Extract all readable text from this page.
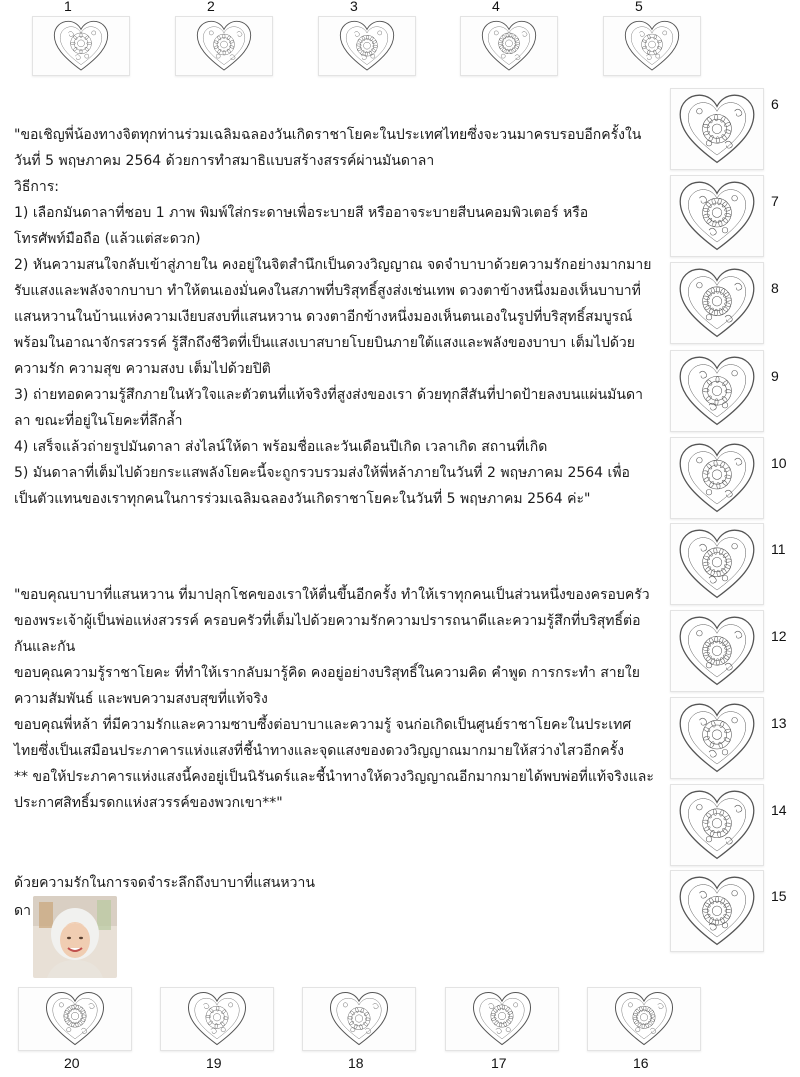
1	2	3	4	5
6
7
8
9
10
11
12
13
14
15
20	19	18	17	16
"ขอเชิญพี่น้องทางจิตทุกท่านร่วมเฉลิมฉลองวันเกิดราชาโยคะในประเทศไทยซึ่งจะวนมาครบรอบอีกครั้งใน
วันที่ 5 พฤษภาคม 2564 ด้วยการทำสมาธิแบบสร้างสรรค์ผ่านมันดาลา
วิธีการ:
1) เลือกมันดาลาที่ชอบ 1 ภาพ พิมพ์ใส่กระดาษเพื่อระบายสี หรืออาจระบายสีบนคอมพิวเตอร์ หรือ
โทรศัพท์มือถือ (แล้วแต่สะดวก)
2) หันความสนใจกลับเข้าสู่ภายใน คงอยู่ในจิตสำนึกเป็นดวงวิญญาณ จดจำบาบาด้วยความรักอย่างมากมาย
รับแสงและพลังจากบาบา ทำให้ตนเองมั่นคงในสภาพที่บริสุทธิ์สูงส่งเช่นเทพ ดวงตาข้างหนึ่งมองเห็นบาบาที่
แสนหวานในบ้านแห่งความเงียบสงบที่แสนหวาน ดวงตาอีกข้างหนึ่งมองเห็นตนเองในรูปที่บริสุทธิ์สมบูรณ์
พร้อมในอาณาจักรสวรรค์ รู้สึกถึงชีวิตที่เป็นแสงเบาสบายโบยบินภายใต้แสงและพลังของบาบา เต็มไปด้วย
ความรัก ความสุข ความสงบ เต็มไปด้วยปิติ
3) ถ่ายทอดความรู้สึกภายในหัวใจและตัวตนที่แท้จริงที่สูงส่งของเรา ด้วยทุกสีสันที่ปาดป้ายลงบนแผ่นมันดา
ลา ขณะที่อยู่ในโยคะที่ลึกล้ำ
4) เสร็จแล้วถ่ายรูปมันดาลา ส่งไลน์ให้ดา พร้อมชื่อและวันเดือนปีเกิด เวลาเกิด สถานที่เกิด
5) มันดาลาที่เต็มไปด้วยกระแสพลังโยคะนี้จะถูกรวบรวมส่งให้พี่หล้าภายในวันที่ 2 พฤษภาคม 2564 เพื่อ
เป็นตัวแทนของเราทุกคนในการร่วมเฉลิมฉลองวันเกิดราชาโยคะในวันที่ 5 พฤษภาคม 2564 ค่ะ"
"ขอบคุณบาบาที่แสนหวาน ที่มาปลุกโชคของเราให้ตื่นขึ้นอีกครั้ง ทำให้เราทุกคนเป็นส่วนหนึ่งของครอบครัว
ของพระเจ้าผู้เป็นพ่อแห่งสวรรค์ ครอบครัวที่เต็มไปด้วยความรักความปรารถนาดีและความรู้สึกที่บริสุทธิ์ต่อ
กันและกัน
ขอบคุณความรู้ราชาโยคะ ที่ทำให้เรากลับมารู้คิด คงอยู่อย่างบริสุทธิ์ในความคิด คำพูด การกระทำ สายใย
ความสัมพันธ์ และพบความสงบสุขที่แท้จริง
ขอบคุณพี่หล้า ที่มีความรักและความซาบซึ้งต่อบาบาและความรู้ จนก่อเกิดเป็นศูนย์ราชาโยคะในประเทศ
ไทยซึ่งเป็นเสมือนประภาคารแห่งแสงที่ชี้นำทางและจุดแสงของดวงวิญญาณมากมายให้สว่างไสวอีกครั้ง
** ขอให้ประภาคารแห่งแสงนี้คงอยู่เป็นนิรันดร์และชี้นำทางให้ดวงวิญญาณอีกมากมายได้พบพ่อที่แท้จริงและ
ประกาศสิทธิ์มรดกแห่งสวรรค์ของพวกเขา**"
ด้วยความรักในการจดจำระลึกถึงบาบาที่แสนหวาน
ดา
